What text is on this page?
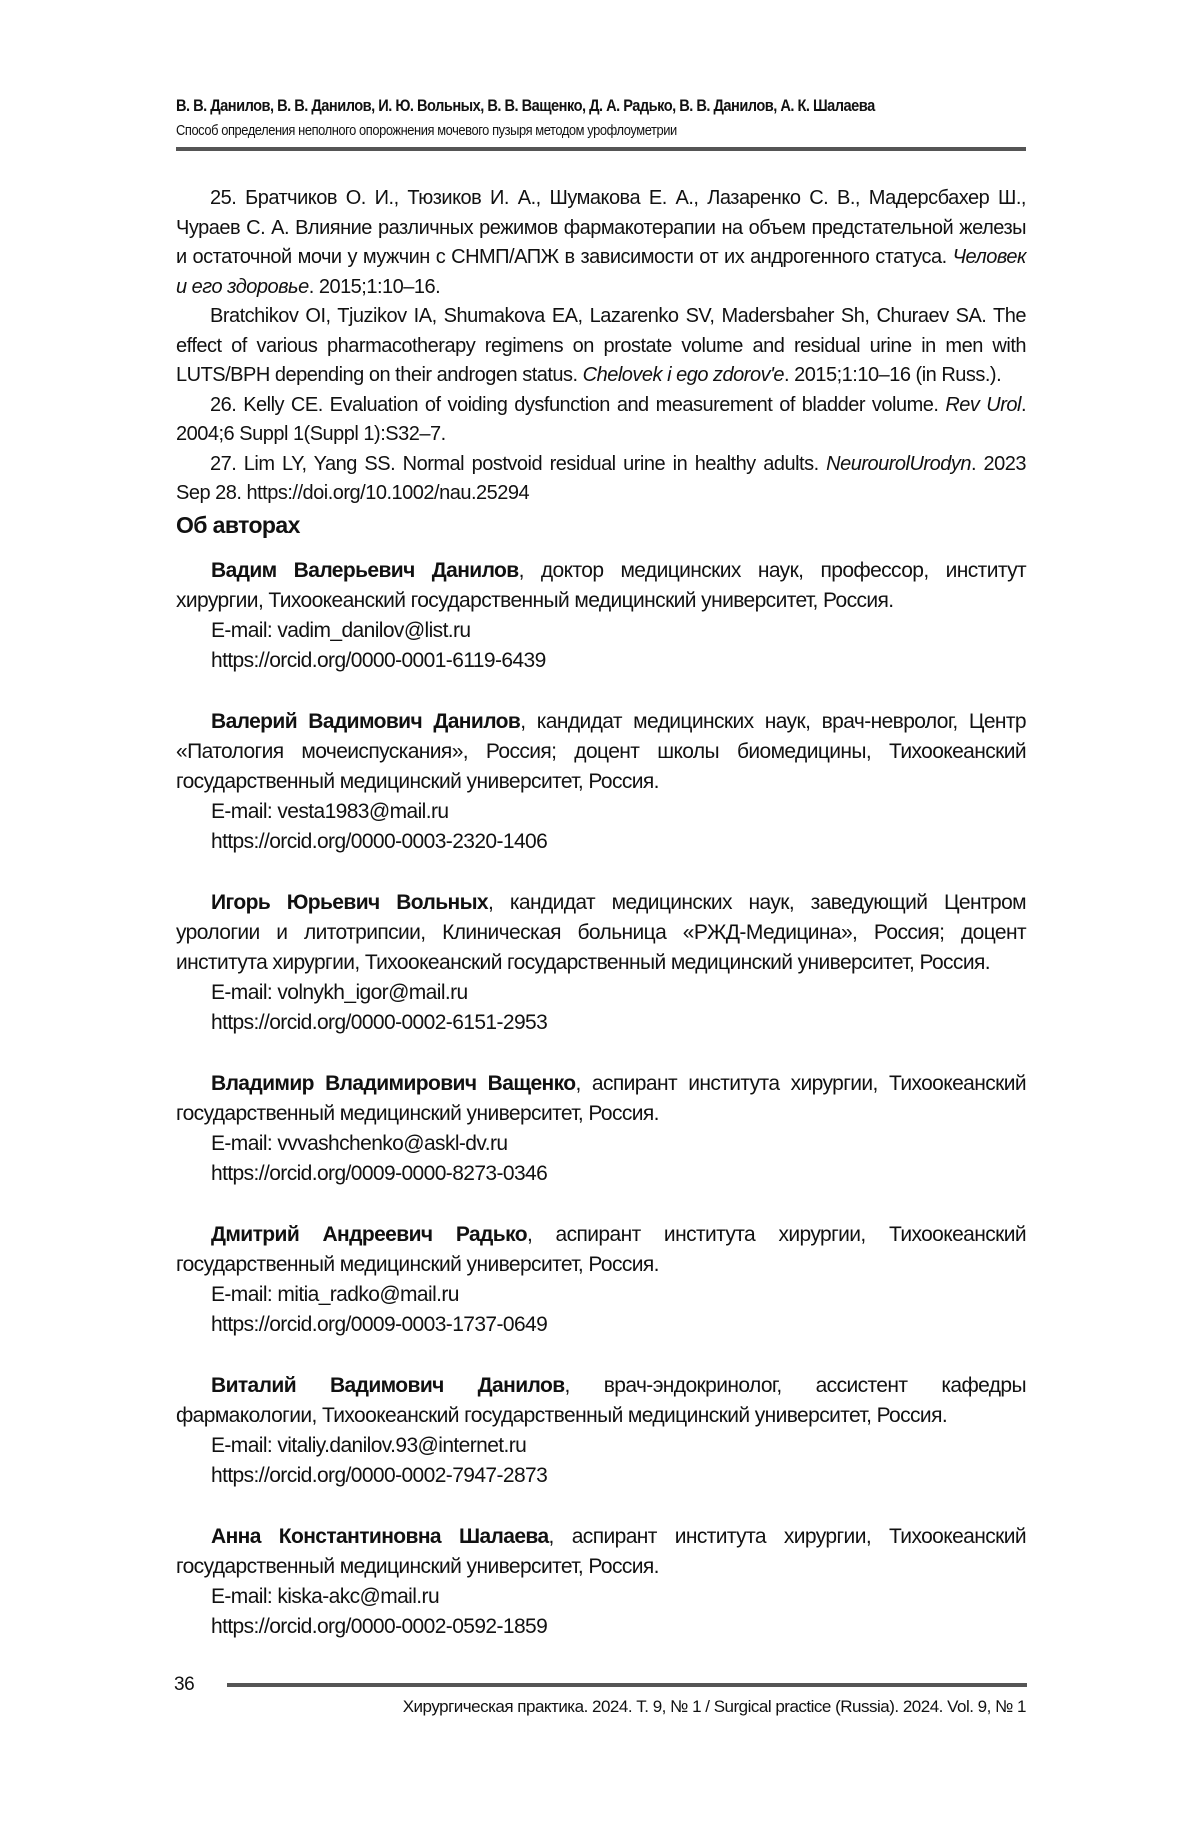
В. В. Данилов, В. В. Данилов, И. Ю. Вольных, В. В. Ващенко, Д. А. Радько, В. В. Данилов, А. К. Шалаева
Способ определения неполного опорожнения мочевого пузыря методом урофлоуметрии

25. Братчиков О. И., Тюзиков И. А., Шумакова Е. А., Лазаренко С. В., Мадерсбахер Ш., Чураев С. А. Влияние различных режимов фармакотерапии на объем предстательной железы и остаточной мочи у мужчин с СНМП/АПЖ в зависимости от их андрогенного статуса. Человек и его здоровье. 2015;1:10–16.

Bratchikov OI, Tjuzikov IA, Shumakova EA, Lazarenko SV, Madersbaher Sh, Churaev SA. The effect of various pharmacotherapy regimens on prostate volume and residual urine in men with LUTS/BPH depending on their androgen status. Chelovek i ego zdorov'e. 2015;1:10–16 (in Russ.).

26. Kelly CE. Evaluation of voiding dysfunction and measurement of bladder volume. Rev Urol. 2004;6 Suppl 1(Suppl 1):S32–7.

27. Lim LY, Yang SS. Normal postvoid residual urine in healthy adults. NeurourolUrodyn. 2023 Sep 28. https://doi.org/10.1002/nau.25294

Об авторах

Вадим Валерьевич Данилов, доктор медицинских наук, профессор, институт хирургии, Тихоокеанский государственный медицинский университет, Россия.

E-mail: vadim_danilov@list.ru

https://orcid.org/0000-0001-6119-6439

Валерий Вадимович Данилов, кандидат медицинских наук, врач-невролог, Центр «Патология мочеиспускания», Россия; доцент школы биомедицины, Тихоокеанский государственный медицинский университет, Россия.

E-mail: vesta1983@mail.ru

https://orcid.org/0000-0003-2320-1406

Игорь Юрьевич Вольных, кандидат медицинских наук, заведующий Центром урологии и литотрипсии, Клиническая больница «РЖД-Медицина», Россия; доцент института хирургии, Тихоокеанский государственный медицинский университет, Россия.

E-mail: volnykh_igor@mail.ru

https://orcid.org/0000-0002-6151-2953

Владимир Владимирович Ващенко, аспирант института хирургии, Тихоокеанский государственный медицинский университет, Россия.

E-mail: vvvashchenko@askl-dv.ru

https://orcid.org/0009-0000-8273-0346

Дмитрий Андреевич Радько, аспирант института хирургии, Тихоокеанский государственный медицинский университет, Россия.

E-mail: mitia_radko@mail.ru

https://orcid.org/0009-0003-1737-0649

Виталий Вадимович Данилов, врач-эндокринолог, ассистент кафедры фармакологии, Тихоокеанский государственный медицинский университет, Россия.

E-mail: vitaliy.danilov.93@internet.ru

https://orcid.org/0000-0002-7947-2873

Анна Константиновна Шалаева, аспирант института хирургии, Тихоокеанский государственный медицинский университет, Россия.

E-mail: kiska-akc@mail.ru

https://orcid.org/0000-0002-0592-1859

36
Хирургическая практика. 2024. Т. 9, № 1 / Surgical practice (Russia). 2024. Vol. 9, № 1
